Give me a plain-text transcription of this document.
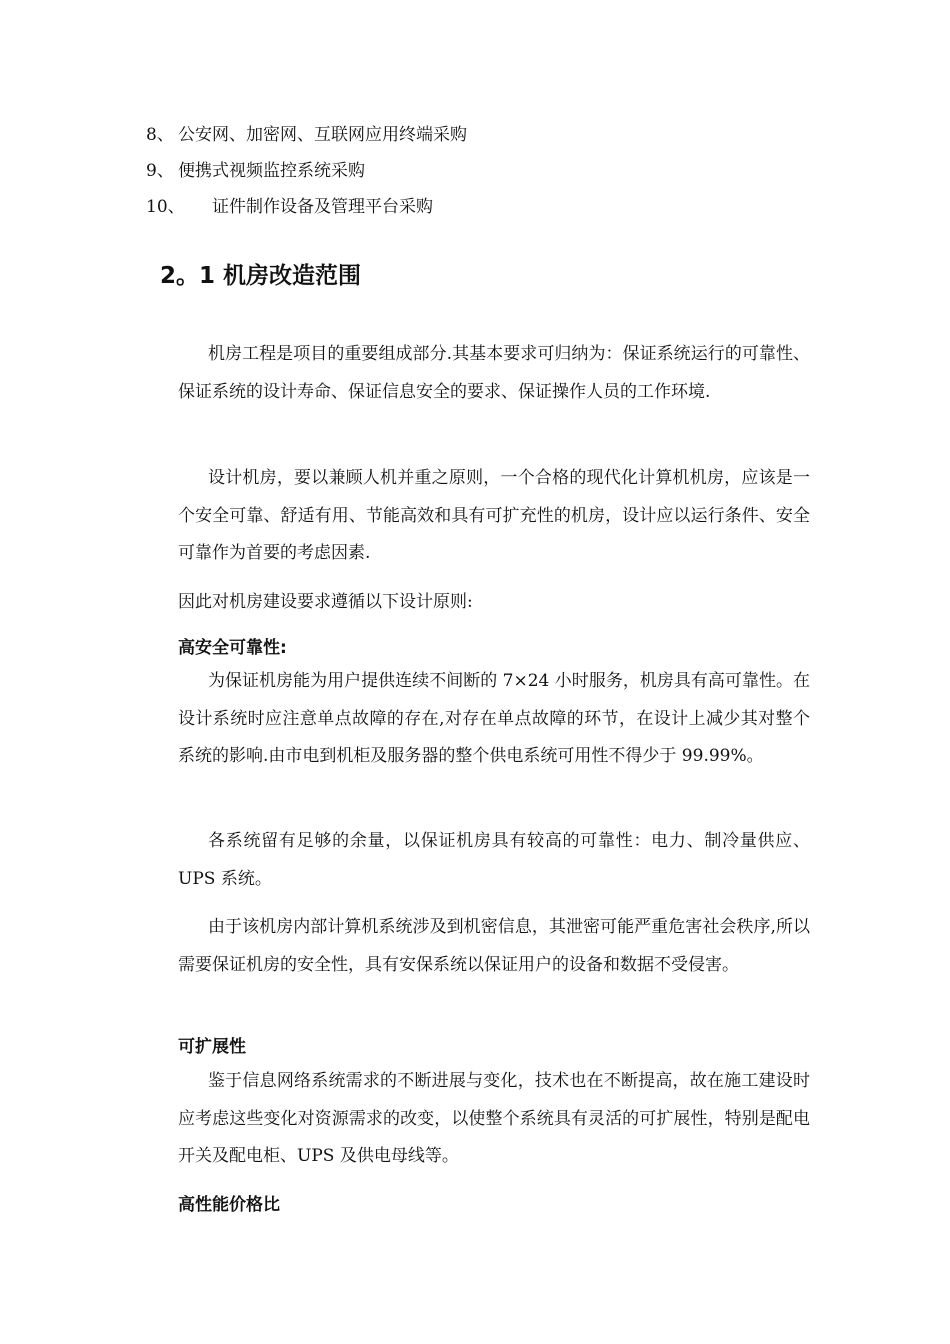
8、 公安网、加密网、互联网应用终端采购
9、 便携式视频监控系统采购
10、 证件制作设备及管理平台采购
2。1 机房改造范围

机房工程是项目的重要组成部分.其基本要求可归纳为：保证系统运行的可靠性、保证系统的设计寿命、保证信息安全的要求、保证操作人员的工作环境.

设计机房，要以兼顾人机并重之原则，一个合格的现代化计算机机房，应该是一个安全可靠、舒适有用、节能高效和具有可扩充性的机房，设计应以运行条件、安全可靠作为首要的考虑因素.

因此对机房建设要求遵循以下设计原则:

高安全可靠性:

为保证机房能为用户提供连续不间断的 7×24 小时服务，机房具有高可靠性。在设计系统时应注意单点故障的存在,对存在单点故障的环节，在设计上减少其对整个系统的影响.由市电到机柜及服务器的整个供电系统可用性不得少于 99.99%。

各系统留有足够的余量，以保证机房具有较高的可靠性：电力、制冷量供应、UPS 系统。

由于该机房内部计算机系统涉及到机密信息，其泄密可能严重危害社会秩序,所以需要保证机房的安全性，具有安保系统以保证用户的设备和数据不受侵害。

可扩展性

鉴于信息网络系统需求的不断进展与变化，技术也在不断提高，故在施工建设时应考虑这些变化对资源需求的改变，以使整个系统具有灵活的可扩展性，特别是配电开关及配电柜、UPS 及供电母线等。

高性能价格比
